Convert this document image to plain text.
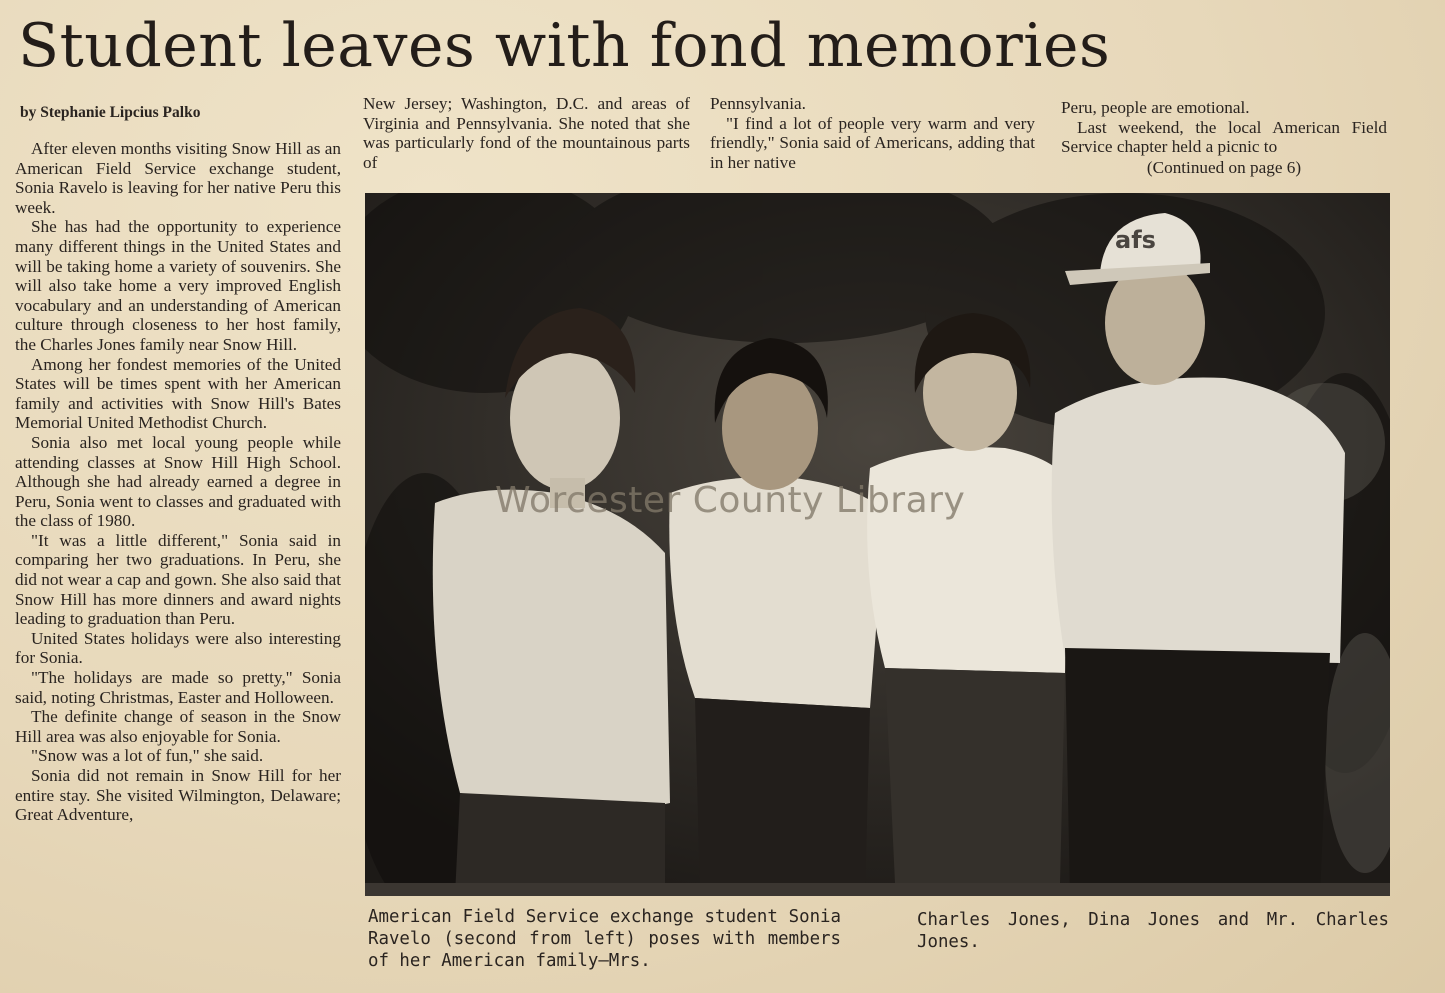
Student leaves with fond memories
by Stephanie Lipcius Palko

After eleven months visiting Snow Hill as an American Field Service exchange student, Sonia Ravelo is leaving for her native Peru this week.

She has had the opportunity to experience many different things in the United States and will be taking home a variety of souvenirs. She will also take home a very improved English vocabulary and an understanding of American culture through closeness to her host family, the Charles Jones family near Snow Hill.

Among her fondest memories of the United States will be times spent with her American family and activities with Snow Hill's Bates Memorial United Methodist Church.

Sonia also met local young people while attending classes at Snow Hill High School. Although she had already earned a degree in Peru, Sonia went to classes and graduated with the class of 1980.

"It was a little different," Sonia said in comparing her two graduations. In Peru, she did not wear a cap and gown. She also said that Snow Hill has more dinners and award nights leading to graduation than Peru.

United States holidays were also interesting for Sonia.

"The holidays are made so pretty," Sonia said, noting Christmas, Easter and Holloween.

The definite change of season in the Snow Hill area was also enjoyable for Sonia.

"Snow was a lot of fun," she said.

Sonia did not remain in Snow Hill for her entire stay. She visited Wilmington, Delaware; Great Adventure,

New Jersey; Washington, D.C. and areas of Virginia and Pennsylvania. She noted that she was particularly fond of the mountainous parts of

Pennsylvania.

"I find a lot of people very warm and very friendly," Sonia said of Americans, adding that in her native

Peru, people are emotional.

Last weekend, the local American Field Service chapter held a picnic to

(Continued on page 6)
afs
Worcester County Library
American Field Service exchange student Sonia Ravelo (second from left) poses with members of her American family—Mrs.
Charles Jones, Dina Jones and Mr. Charles Jones.
